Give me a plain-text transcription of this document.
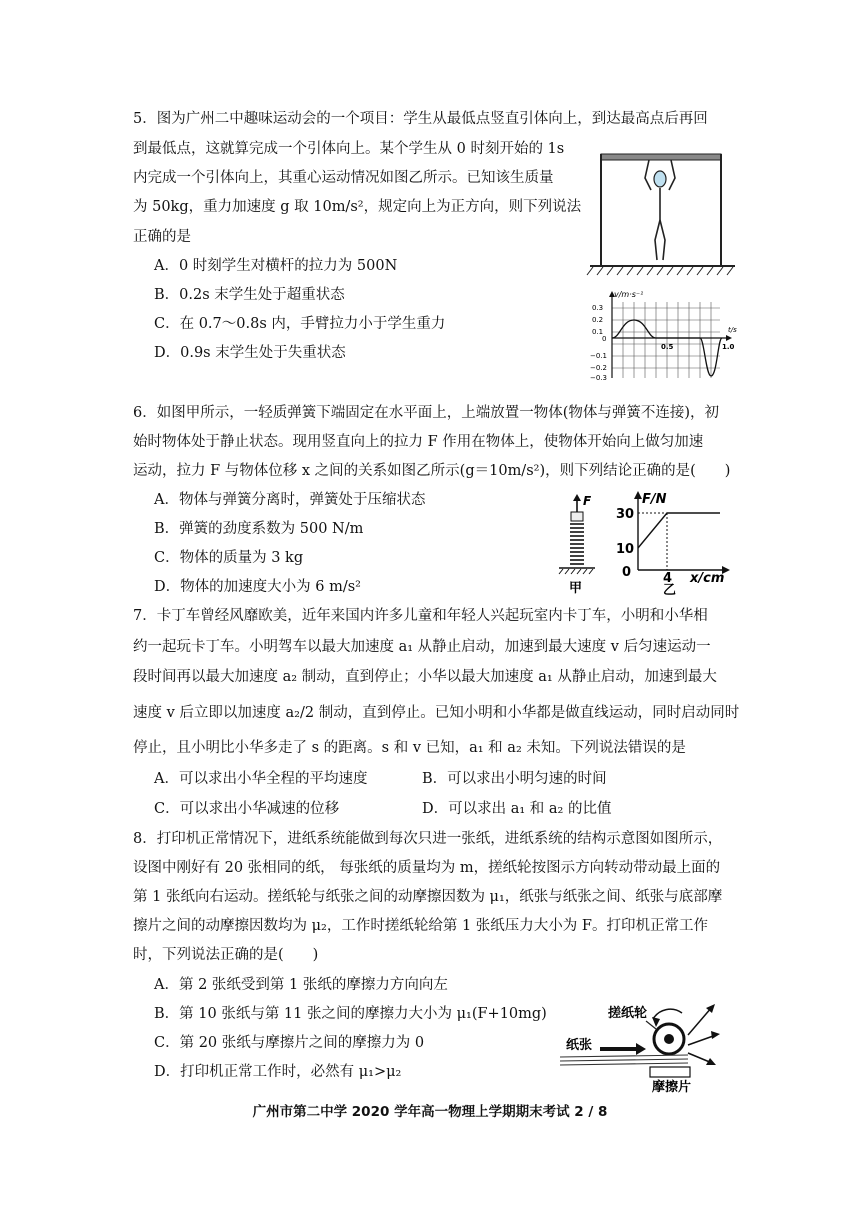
5．图为广州二中趣味运动会的一个项目：学生从最低点竖直引体向上，到达最高点后再回
到最低点，这就算完成一个引体向上。某个学生从 0 时刻开始的 1s
内完成一个引体向上，其重心运动情况如图乙所示。已知该生质量
为 50kg，重力加速度 g 取 10m/s²，规定向上为正方向，则下列说法
正确的是
A．0 时刻学生对横杆的拉力为 500N
B．0.2s 末学生处于超重状态
C．在 0.7～0.8s 内，手臂拉力小于学生重力
D．0.9s 末学生处于失重状态
v/m·s⁻¹
t/s
0.3
0.2
0.1
0
−0.1
−0.2
−0.3
0.5	1.0
6．如图甲所示，一轻质弹簧下端固定在水平面上，上端放置一物体(物体与弹簧不连接)，初
始时物体处于静止状态。现用竖直向上的拉力 F 作用在物体上，使物体开始向上做匀加速
运动，拉力 F 与物体位移 x 之间的关系如图乙所示(g＝10m/s²)，则下列结论正确的是(　　)
A．物体与弹簧分离时，弹簧处于压缩状态
B．弹簧的劲度系数为 500 N/m
C．物体的质量为 3 kg
D．物体的加速度大小为 6 m/s²
F
甲
F/N
30
10
0 4
乙
x/cm
7．卡丁车曾经风靡欧美，近年来国内许多儿童和年轻人兴起玩室内卡丁车，小明和小华相
约一起玩卡丁车。小明驾车以最大加速度 a₁ 从静止启动，加速到最大速度 v 后匀速运动一
段时间再以最大加速度 a₂ 制动，直到停止；小华以最大加速度 a₁ 从静止启动，加速到最大
速度 v 后立即以加速度 a₂/2 制动，直到停止。已知小明和小华都是做直线运动，同时启动同时
停止，且小明比小华多走了 s 的距离。s 和 v 已知，a₁ 和 a₂ 未知。下列说法错误的是
A．可以求出小华全程的平均速度	B．可以求出小明匀速的时间
C．可以求出小华减速的位移	D．可以求出 a₁ 和 a₂ 的比值
8．打印机正常情况下，进纸系统能做到每次只进一张纸，进纸系统的结构示意图如图所示，
设图中刚好有 20 张相同的纸， 每张纸的质量均为 m，搓纸轮按图示方向转动带动最上面的
第 1 张纸向右运动。搓纸轮与纸张之间的动摩擦因数为 μ₁，纸张与纸张之间、纸张与底部摩
擦片之间的动摩擦因数均为 μ₂，工作时搓纸轮给第 1 张纸压力大小为 F。打印机正常工作
时，下列说法正确的是(　　)
A．第 2 张纸受到第 1 张纸的摩擦力方向向左
B．第 10 张纸与第 11 张之间的摩擦力大小为 μ₁(F+10mg)
C．第 20 张纸与摩擦片之间的摩擦力为 0
D．打印机正常工作时，必然有 μ₁>μ₂
搓纸轮
纸张
摩擦片
广州市第二中学 2020 学年高一物理上学期期末考试 2 / 8
